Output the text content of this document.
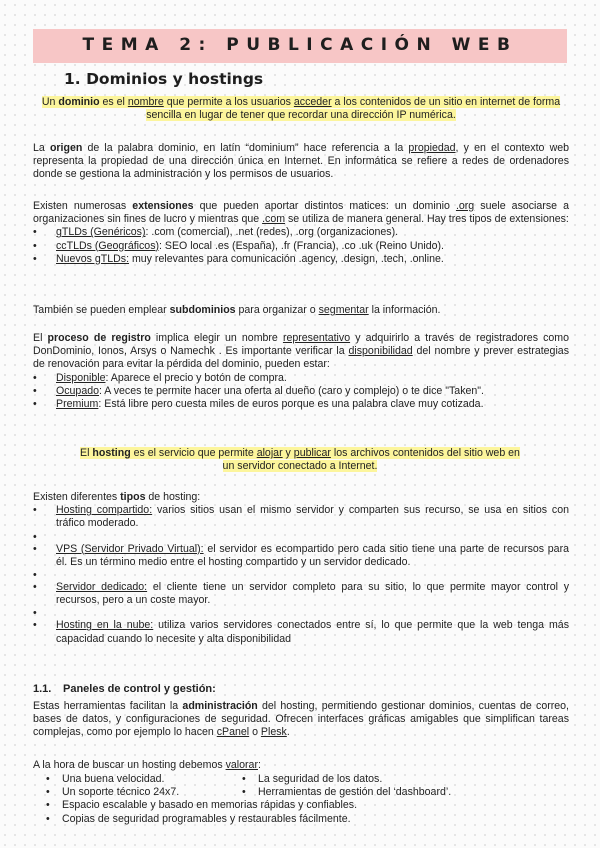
TEMA 2: PUBLICACIÓN WEB
1. Dominios y hostings
Un dominio es el nombre que permite a los usuarios acceder a los contenidos de un sitio en internet de forma sencilla en lugar de tener que recordar una dirección IP numérica.
La origen de la palabra dominio, en latín “dominium” hace referencia a la propiedad, y en el contexto web representa la propiedad de una dirección única en Internet. En informática se refiere a redes de ordenadores donde se gestiona la administración y los permisos de usuarios.
Existen numerosas extensiones que pueden aportar distintos matices: un dominio .org suele asociarse a organizaciones sin fines de lucro y mientras que .com se utiliza de manera general. Hay tres tipos de extensiones:
• gTLDs (Genéricos): .com (comercial), .net (redes), .org (organizaciones).
• ccTLDs (Geográficos): SEO local .es (España), .fr (Francia), .co .uk (Reino Unido).
• Nuevos gTLDs: muy relevantes para comunicación .agency, .design, .tech, .online.
También se pueden emplear subdominios para organizar o segmentar la información.
El proceso de registro implica elegir un nombre representativo y adquirirlo a través de registradores como DonDominio, Ionos, Arsys o Namechk . Es importante verificar la disponibilidad del nombre y prever estrategias de renovación para evitar la pérdida del dominio, pueden estar:
• Disponible: Aparece el precio y botón de compra.
• Ocupado: A veces te permite hacer una oferta al dueño (caro y complejo) o te dice "Taken".
• Premium: Está libre pero cuesta miles de euros porque es una palabra clave muy cotizada.
El hosting es el servicio que permite alojar y publicar los archivos contenidos del sitio web en un servidor conectado a Internet.
Existen diferentes tipos de hosting:
• Hosting compartido: varios sitios usan el mismo servidor y comparten sus recurso, se usa en sitios con tráfico moderado.
•
• VPS (Servidor Privado Virtual): el servidor es ecompartido pero cada sitio tiene una parte de recursos para él. Es un término medio entre el hosting compartido y un servidor dedicado.
•
• Servidor dedicado: el cliente tiene un servidor completo para su sitio, lo que permite mayor control y recursos, pero a un coste mayor.
•
• Hosting en la nube: utiliza varios servidores conectados entre sí, lo que permite que la web tenga más capacidad cuando lo necesite y alta disponibilidad
1.1. Paneles de control y gestión:
Estas herramientas facilitan la administración del hosting, permitiendo gestionar dominios, cuentas de correo, bases de datos, y configuraciones de seguridad. Ofrecen interfaces gráficas amigables que simplifican tareas complejas, como por ejemplo lo hacen cPanel o Plesk.
A la hora de buscar un hosting debemos valorar:
• Una buena velocidad.	• La seguridad de los datos.
• Un soporte técnico 24x7.	• Herramientas de gestión del ‘dashboard’.
• Espacio escalable y basado en memorias rápidas y confiables.
• Copias de seguridad programables y restaurables fácilmente.
